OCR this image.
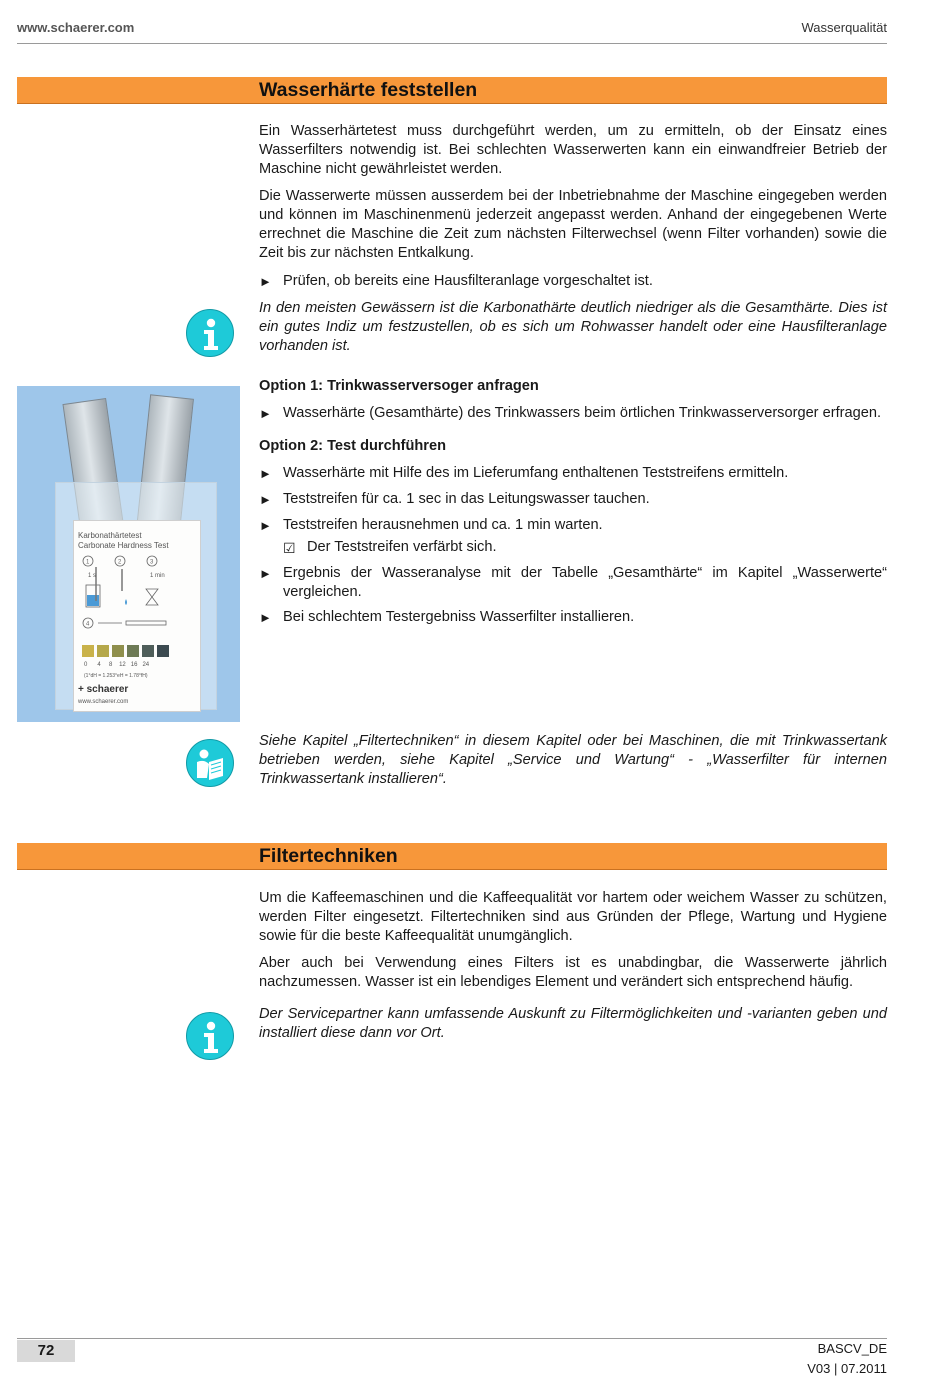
www.schaerer.com	Wasserqualität
Wasserhärte feststellen

Ein Wasserhärtetest muss durchgeführt werden, um zu ermitteln, ob der Einsatz eines Wasserfilters notwendig ist. Bei schlechten Wasserwerten kann ein einwandfreier Betrieb der Maschine nicht gewährleistet werden.

Die Wasserwerte müssen ausserdem bei der Inbetriebnahme der Maschine eingegeben werden und können im Maschinenmenü jederzeit angepasst werden. Anhand der eingegebenen Werte errechnet die Maschine die Zeit zum nächsten Filterwechsel (wenn Filter vorhanden) sowie die Zeit bis zur nächsten Entkalkung.

► Prüfen, ob bereits eine Hausfilteranlage vorgeschaltet ist.

In den meisten Gewässern ist die Karbonathärte deutlich niedriger als die Gesamthärte. Dies ist ein gutes Indiz um festzustellen, ob es sich um Rohwasser handelt oder eine Hausfilteranlage vorhanden ist.

Karbonathärtetest
Carbonate Hardness Test
1	2	3
4
1 s	1 min
0 4 8 12 16 24
(1°dH = 1.253°eH = 1.78°fH)
+ schaerer
www.schaerer.com

Option 1: Trinkwasserversoger anfragen

► Wasserhärte (Gesamthärte) des Trinkwassers beim örtlichen Trinkwasserversorger erfragen.

Option 2: Test durchführen

► Wasserhärte mit Hilfe des im Lieferumfang enthaltenen Teststreifens ermitteln.

► Teststreifen für ca. 1 sec in das Leitungswasser tauchen.

► Teststreifen herausnehmen und ca. 1 min warten.

☑ Der Teststreifen verfärbt sich.

► Ergebnis der Wasseranalyse mit der Tabelle „Gesamthärte“ im Kapitel „Wasserwerte“ vergleichen.

► Bei schlechtem Testergebniss Wasserfilter installieren.

Siehe Kapitel „Filtertechniken“ in diesem Kapitel oder bei Maschinen, die mit Trinkwassertank betrieben werden, siehe Kapitel „Service und Wartung“ - „Wasserfilter für internen Trinkwassertank installieren“.

Filtertechniken

Um die Kaffeemaschinen und die Kaffeequalität vor hartem oder weichem Wasser zu schützen, werden Filter eingesetzt. Filtertechniken sind aus Gründen der Pflege, Wartung und Hygiene sowie für die beste Kaffeequalität unumgänglich.

Aber auch bei Verwendung eines Filters ist es unabdingbar, die Wasserwerte jährlich nachzumessen. Wasser ist ein lebendiges Element und verändert sich entsprechend häufig.

Der Servicepartner kann umfassende Auskunft zu Filtermöglichkeiten und -varianten geben und installiert diese dann vor Ort.

72	BASCV_DE
V03 | 07.2011
